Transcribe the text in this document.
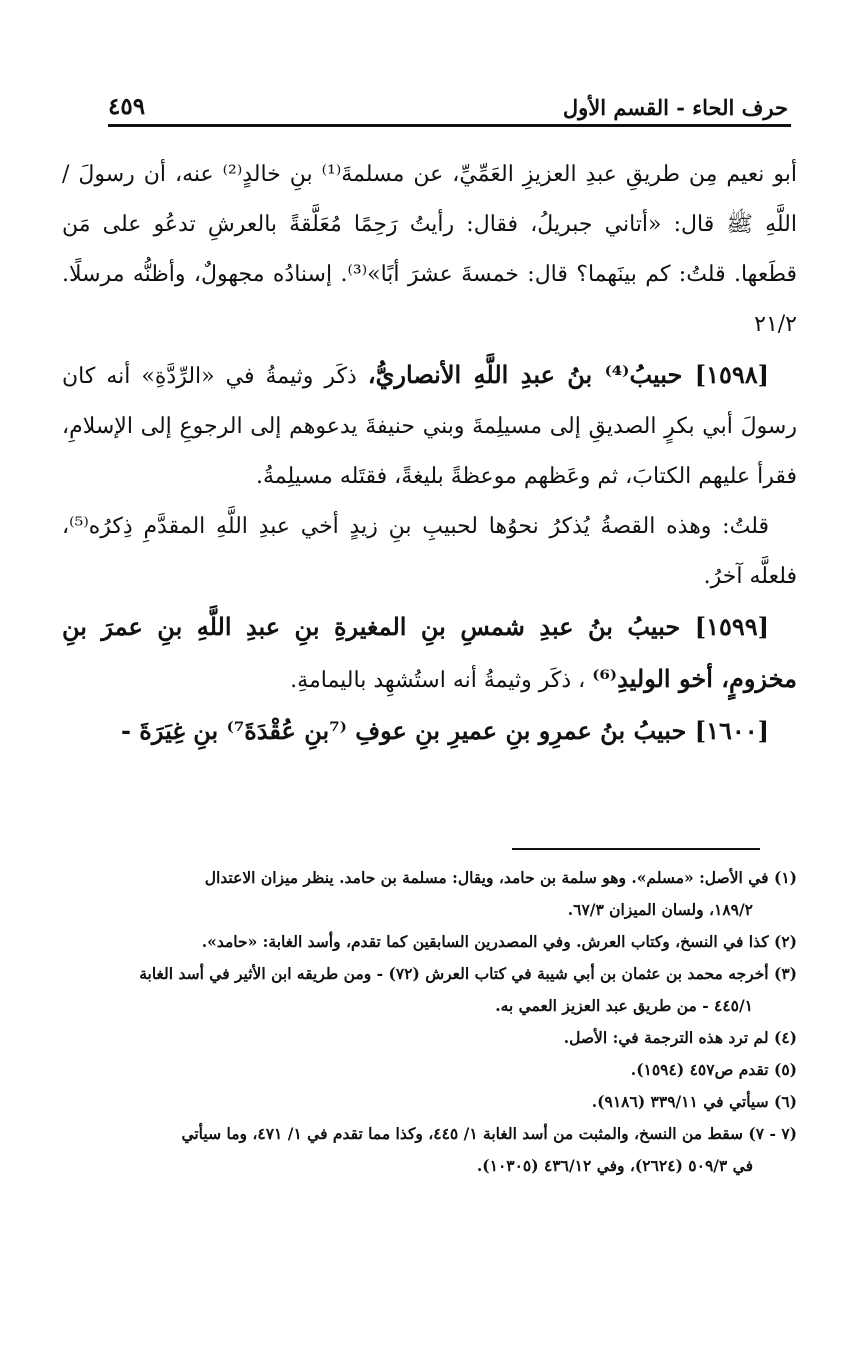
حرف الحاء - القسم الأول
٤٥٩

أبو نعيم مِن طريقِ عبدِ العزيزِ العَمِّيِّ، عن مسلمةَ⁽¹⁾ بنِ خالدٍ⁽²⁾ عنه، أن رسولَ / اللَّهِ ﷺ قال: «أتاني جبريلُ، فقال: رأيتُ رَحِمًا مُعَلَّقةً بالعرشِ تدعُو على مَن قطَعها. قلتُ: كم بينَهما؟ قال: خمسةَ عشرَ أبًا»⁽³⁾. إسنادُه مجهولٌ، وأظنُّه مرسلًا. ٢١/٢

[١٥٩٨] حبيبُ⁽⁴⁾ بنُ عبدِ اللَّهِ الأنصاريُّ، ذكَر وثيمةُ في «الرِّدَّةِ» أنه كان رسولَ أبي بكرٍ الصديقِ إلى مسيلِمةَ وبني حنيفةَ يدعوهم إلى الرجوعِ إلى الإسلامِ، فقرأ عليهم الكتابَ، ثم وعَظهم موعظةً بليغةً، فقتَله مسيلِمةُ.

قلتُ: وهذه القصةُ يُذكرُ نحوُها لحبيبِ بنِ زيدٍ أخي عبدِ اللَّهِ المقدَّمِ ذِكرُه⁽⁵⁾، فلعلَّه آخرُ.

[١٥٩٩] حبيبُ بنُ عبدِ شمسِ بنِ المغيرةِ بنِ عبدِ اللَّهِ بنِ عمرَ بنِ مخزومٍ، أخو الوليدِ⁽⁶⁾ ، ذكَر وثيمةُ أنه استُشهِد باليمامةِ.

[١٦٠٠] حبيبُ بنُ عمرِو بنِ عميرِ بنِ عوفِ ⁽⁷بنِ عُقْدَةَ⁷⁾ بنِ غِيَرَةَ -

(١) في الأصل: «مسلم». وهو سلمة بن حامد، ويقال: مسلمة بن حامد. ينظر ميزان الاعتدال

١٨٩/٢، ولسان الميزان ٦٧/٣.

(٢) كذا في النسخ، وكتاب العرش. وفي المصدرين السابقين كما تقدم، وأسد الغابة: «حامد».

(٣) أخرجه محمد بن عثمان بن أبي شيبة في كتاب العرش (٧٢) - ومن طريقه ابن الأثير في أسد الغابة

٤٤٥/١ - من طريق عبد العزيز العمي به.

(٤) لم ترد هذه الترجمة في: الأصل.

(٥) تقدم ص٤٥٧ (١٥٩٤).

(٦) سيأتي في ٣٣٩/١١ (٩١٨٦).

(٧ - ٧) سقط من النسخ، والمثبت من أسد الغابة ١/ ٤٤٥، وكذا مما تقدم في ١/ ٤٧١، وما سيأتي

في ٥٠٩/٣ (٢٦٢٤)، وفي ٤٣٦/١٢ (١٠٣٠٥).
